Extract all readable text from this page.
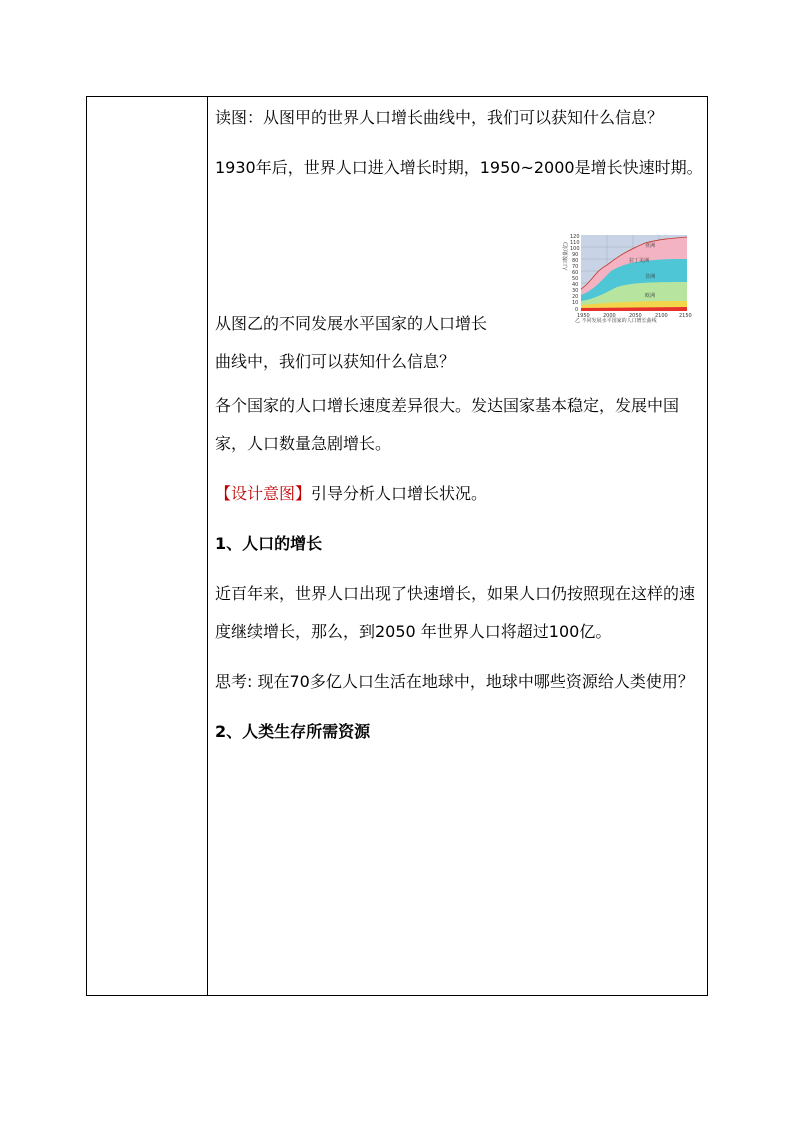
读图：从图甲的世界人口增长曲线中，我们可以获知什么信息？

1930年后，世界人口进入增长时期，1950~2000是增长快速时期。

从图乙的不同发展水平国家的人口增长

曲线中，我们可以获知什么信息？

亚洲
拉丁美洲
非洲
欧洲
120
110
100
90
80
70
60
50
40
30
20
10
0
人口数量(亿)
1950	2000	2050	2100 2150
乙 不同发展水平国家的人口增长曲线

各个国家的人口增长速度差异很大。发达国家基本稳定，发展中国家，人口数量急剧增长。

【设计意图】引导分析人口增长状况。

1、人口的增长

近百年来，世界人口出现了快速增长，如果人口仍按照现在这样的速度继续增长，那么，到2050 年世界人口将超过100亿。

思考: 现在70多亿人口生活在地球中，地球中哪些资源给人类使用？

2、人类生存所需资源
